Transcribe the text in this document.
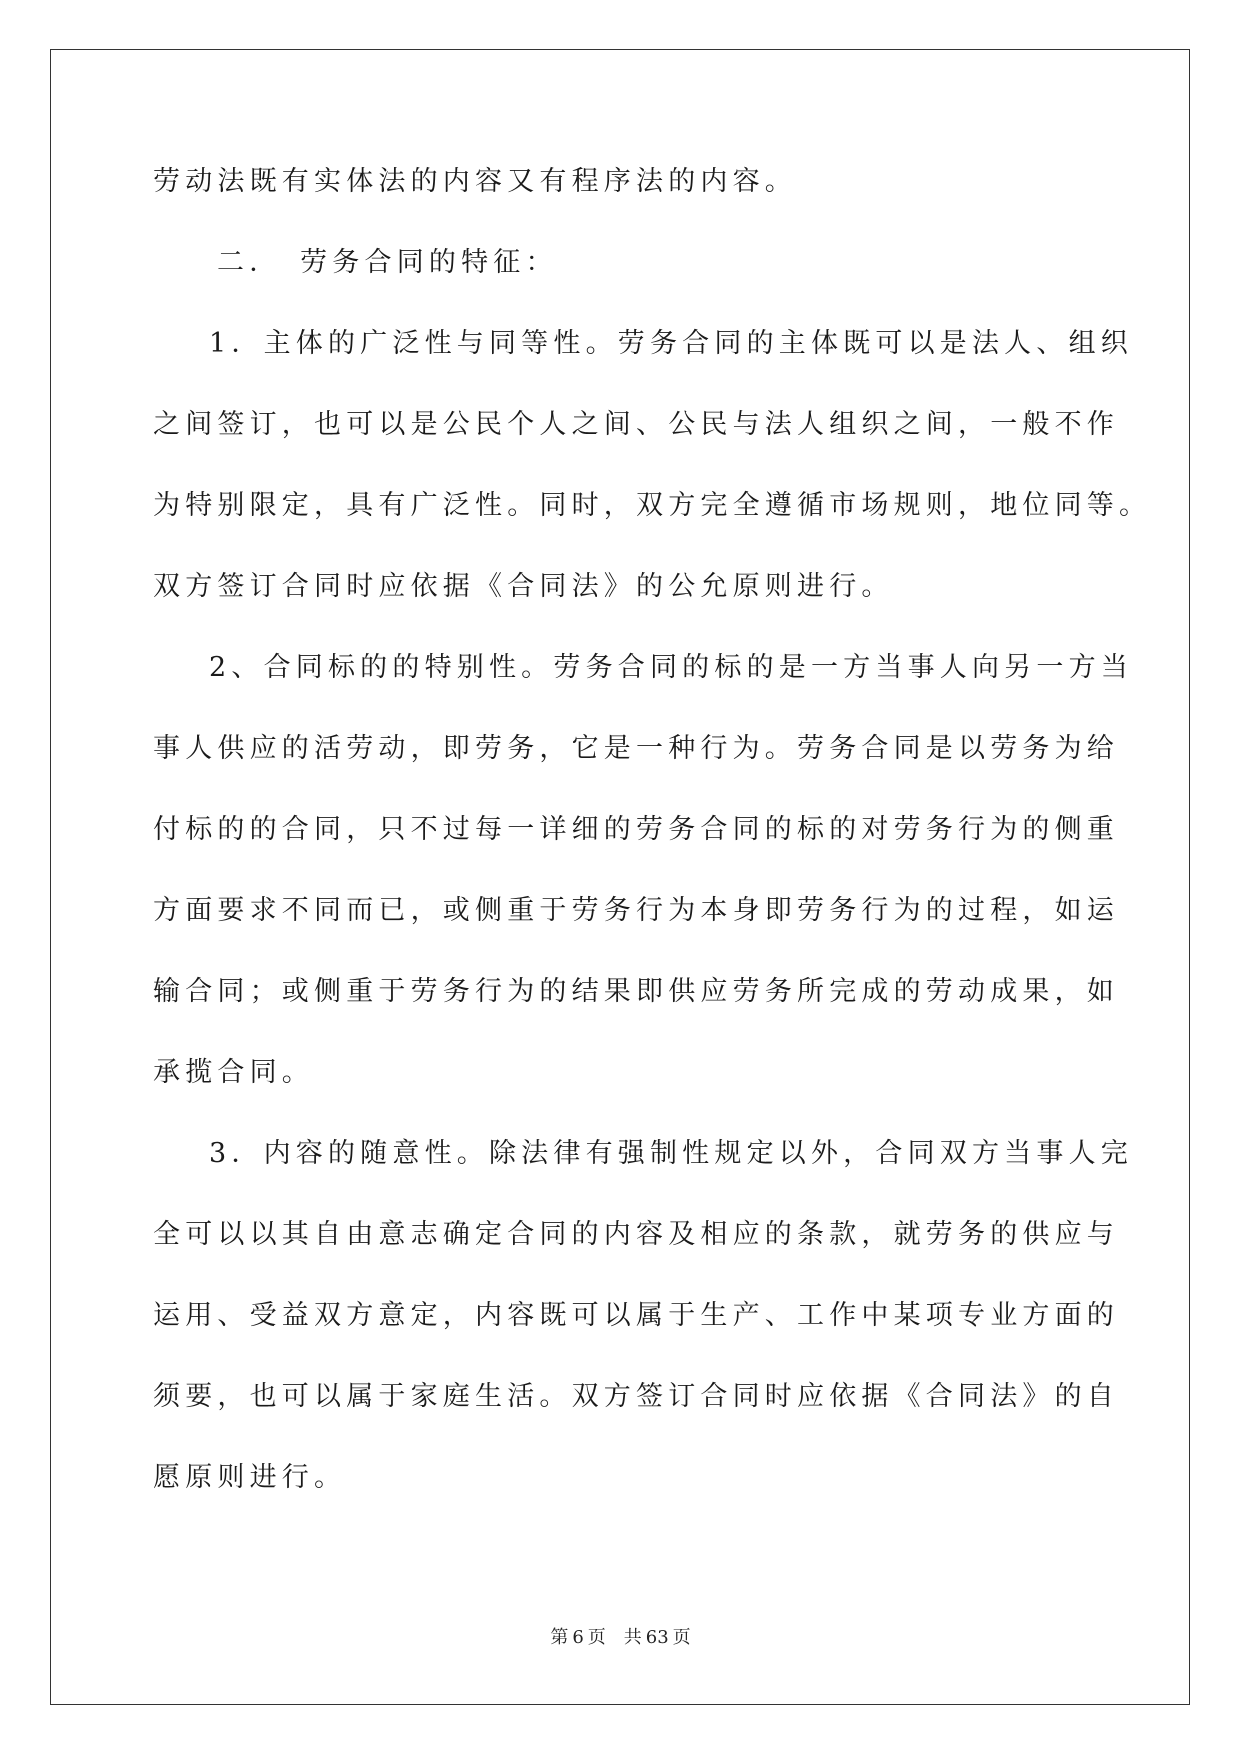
劳动法既有实体法的内容又有程序法的内容。
二．　劳务合同的特征：
1．主体的广泛性与同等性。劳务合同的主体既可以是法人、组织
之间签订，也可以是公民个人之间、公民与法人组织之间，一般不作
为特别限定，具有广泛性。同时，双方完全遵循市场规则，地位同等。
双方签订合同时应依据《合同法》的公允原则进行。
2、合同标的的特别性。劳务合同的标的是一方当事人向另一方当
事人供应的活劳动，即劳务，它是一种行为。劳务合同是以劳务为给
付标的的合同，只不过每一详细的劳务合同的标的对劳务行为的侧重
方面要求不同而已，或侧重于劳务行为本身即劳务行为的过程，如运
输合同；或侧重于劳务行为的结果即供应劳务所完成的劳动成果，如
承揽合同。
3．内容的随意性。除法律有强制性规定以外，合同双方当事人完
全可以以其自由意志确定合同的内容及相应的条款，就劳务的供应与
运用、受益双方意定，内容既可以属于生产、工作中某项专业方面的
须要，也可以属于家庭生活。双方签订合同时应依据《合同法》的自
愿原则进行。
第 6 页　共 63 页
